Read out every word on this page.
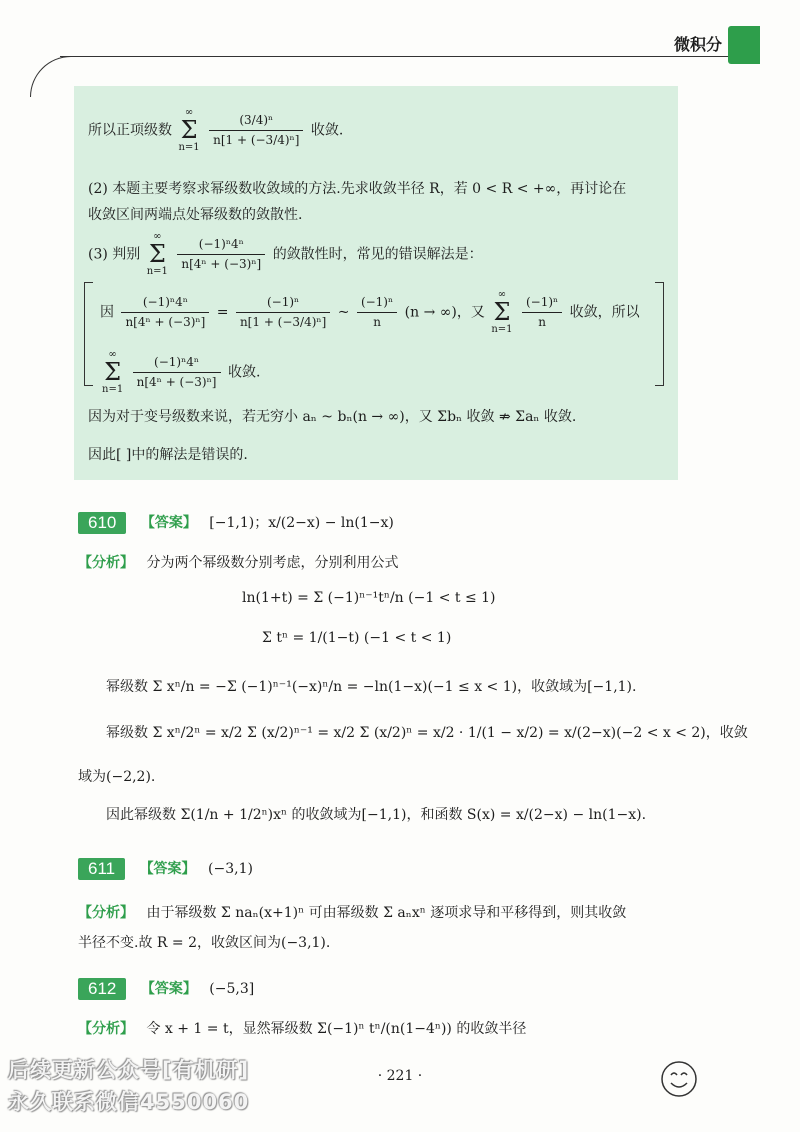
微积分
所以正项级数 ∞
Σ
$n=1 \frac{\text{(3/4)ⁿ}}{\text{n[1 + (−3/4)ⁿ]}}$ 收敛.
(2) 本题主要考察求幂级数收敛域的方法.先求收敛半径 R，若 0 < R < +∞，再讨论在
收敛区间两端点处幂级数的敛散性.
(3) 判别 ∞
Σ
$n=1 \frac{\text{(−1)ⁿ4ⁿ}}{\text{n[4ⁿ + (−3)ⁿ]}}$ 的敛散性时，常见的错误解法是：
因 $\frac{\text{(−1)ⁿ4ⁿ}}{\text{n[4ⁿ + (−3)ⁿ]}} = \frac{\text{(−1)ⁿ}}{\text{n[1 + (−3/4)ⁿ]}}$ ~ $\frac{\text{(−1)ⁿ}}{n} (n$ → ∞)，又 ∞
Σ
$n=1 \frac{\text{(−1)ⁿ}}{n}$ 收敛，所以
∞
Σ
$n=1 \frac{\text{(−1)ⁿ4ⁿ}}{\text{n[4ⁿ + (−3)ⁿ]}}$ 收敛.
因为对于变号级数来说，若无穷小 aₙ ~ bₙ(n → ∞)，又 Σbₙ 收敛 ⇏ Σaₙ 收敛.
因此[ ]中的解法是错误的.
610 【答案】 [−1,1)；x/(2−x) − ln(1−x)
【分析】 分为两个幂级数分别考虑，分别利用公式
ln(1+t) = Σ (−1)ⁿ⁻¹tⁿ/n (−1 < t ≤ 1)
Σ tⁿ = 1/(1−t) (−1 < t < 1)
幂级数 Σ xⁿ/n = −Σ (−1)ⁿ⁻¹(−x)ⁿ/n = −ln(1−x)(−1 ≤ x < 1)，收敛域为[−1,1).
幂级数 Σ xⁿ/2ⁿ = x/2 Σ (x/2)ⁿ⁻¹ = x/2 Σ (x/2)ⁿ = x/2 · 1/(1 − x/2) = x/(2−x)(−2 < x < 2)，收敛
域为(−2,2).
因此幂级数 Σ(1/n + 1/2ⁿ)xⁿ 的收敛域为[−1,1)，和函数 S(x) = x/(2−x) − ln(1−x).
611 【答案】 (−3,1)
【分析】 由于幂级数 Σ naₙ(x+1)ⁿ 可由幂级数 Σ aₙxⁿ 逐项求导和平移得到，则其收敛
半径不变.故 R = 2，收敛区间为(−3,1).
612 【答案】 (−5,3]
【分析】 令 x + 1 = t，显然幂级数 Σ(−1)ⁿ tⁿ/(n(1−4ⁿ)) 的收敛半径
· 221 ·
后续更新公众号[有机研]
永久联系微信4550060
